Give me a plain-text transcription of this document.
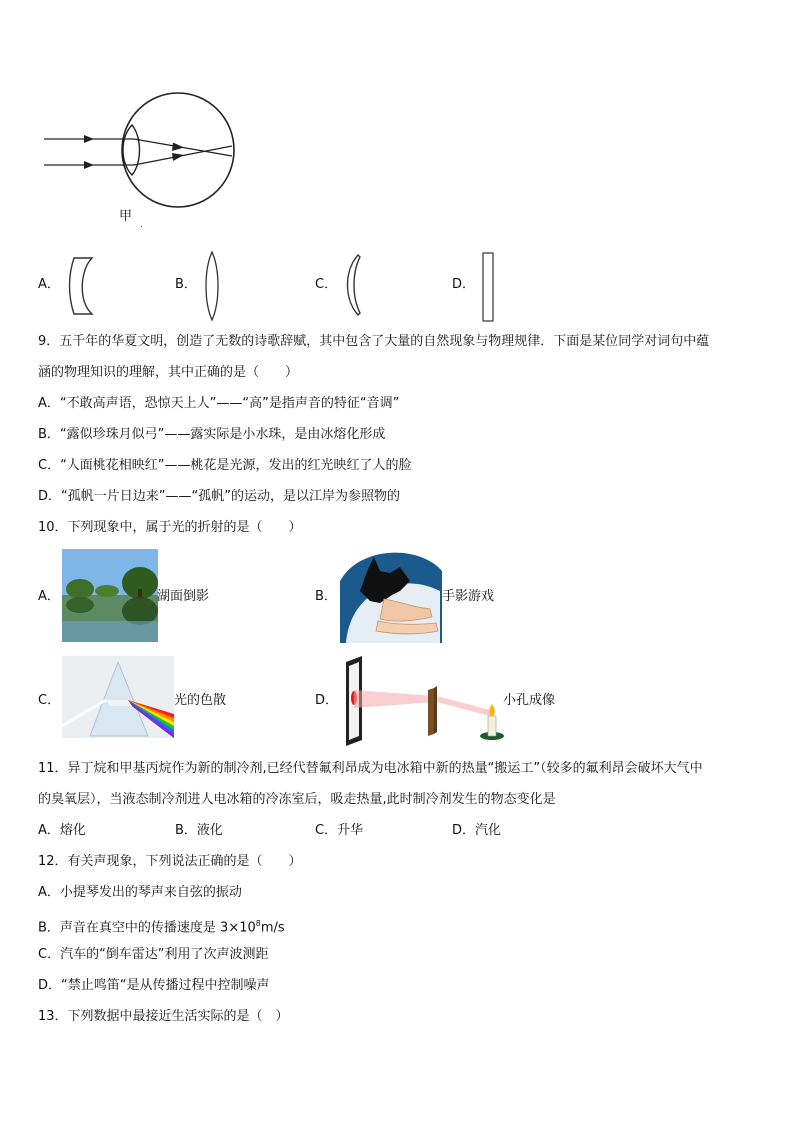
甲
.
A．	B．	C．	D．
9．五千年的华夏文明，创造了无数的诗歌辞赋，其中包含了大量的自然现象与物理规律．下面是某位同学对词句中蕴
涵的物理知识的理解，其中正确的是（　　）
A．“不敢高声语，恐惊天上人”——“高”是指声音的特征“音调”
B．“露似珍珠月似弓”——露实际是小水珠，是由冰熔化形成
C．“人面桃花相映红”——桃花是光源，发出的红光映红了人的脸
D．“孤帆一片日边来”——“孤帆”的运动，是以江岸为参照物的
10．下列现象中，属于光的折射的是（　　）
A．	湖面倒影	B．	手影游戏
C．	光的色散	D．	小孔成像
11．异丁烷和甲基丙烷作为新的制冷剂,已经代替氟利昂成为电冰箱中新的热量“搬运工”（较多的氟利昂会破坏大气中
的臭氧层），当液态制冷剂进人电冰箱的冷冻室后，吸走热量,此时制冷剂发生的物态变化是
A．熔化	B．液化	C．升华	D．汽化
12．有关声现象，下列说法正确的是（　　）
A．小提琴发出的琴声来自弦的振动
B．声音在真空中的传播速度是 $3\times 10^8m/s$
C．汽车的“倒车雷达”利用了次声波测距
D．“禁止鸣笛“是从传播过程中控制噪声
13．下列数据中最接近生活实际的是（　）
